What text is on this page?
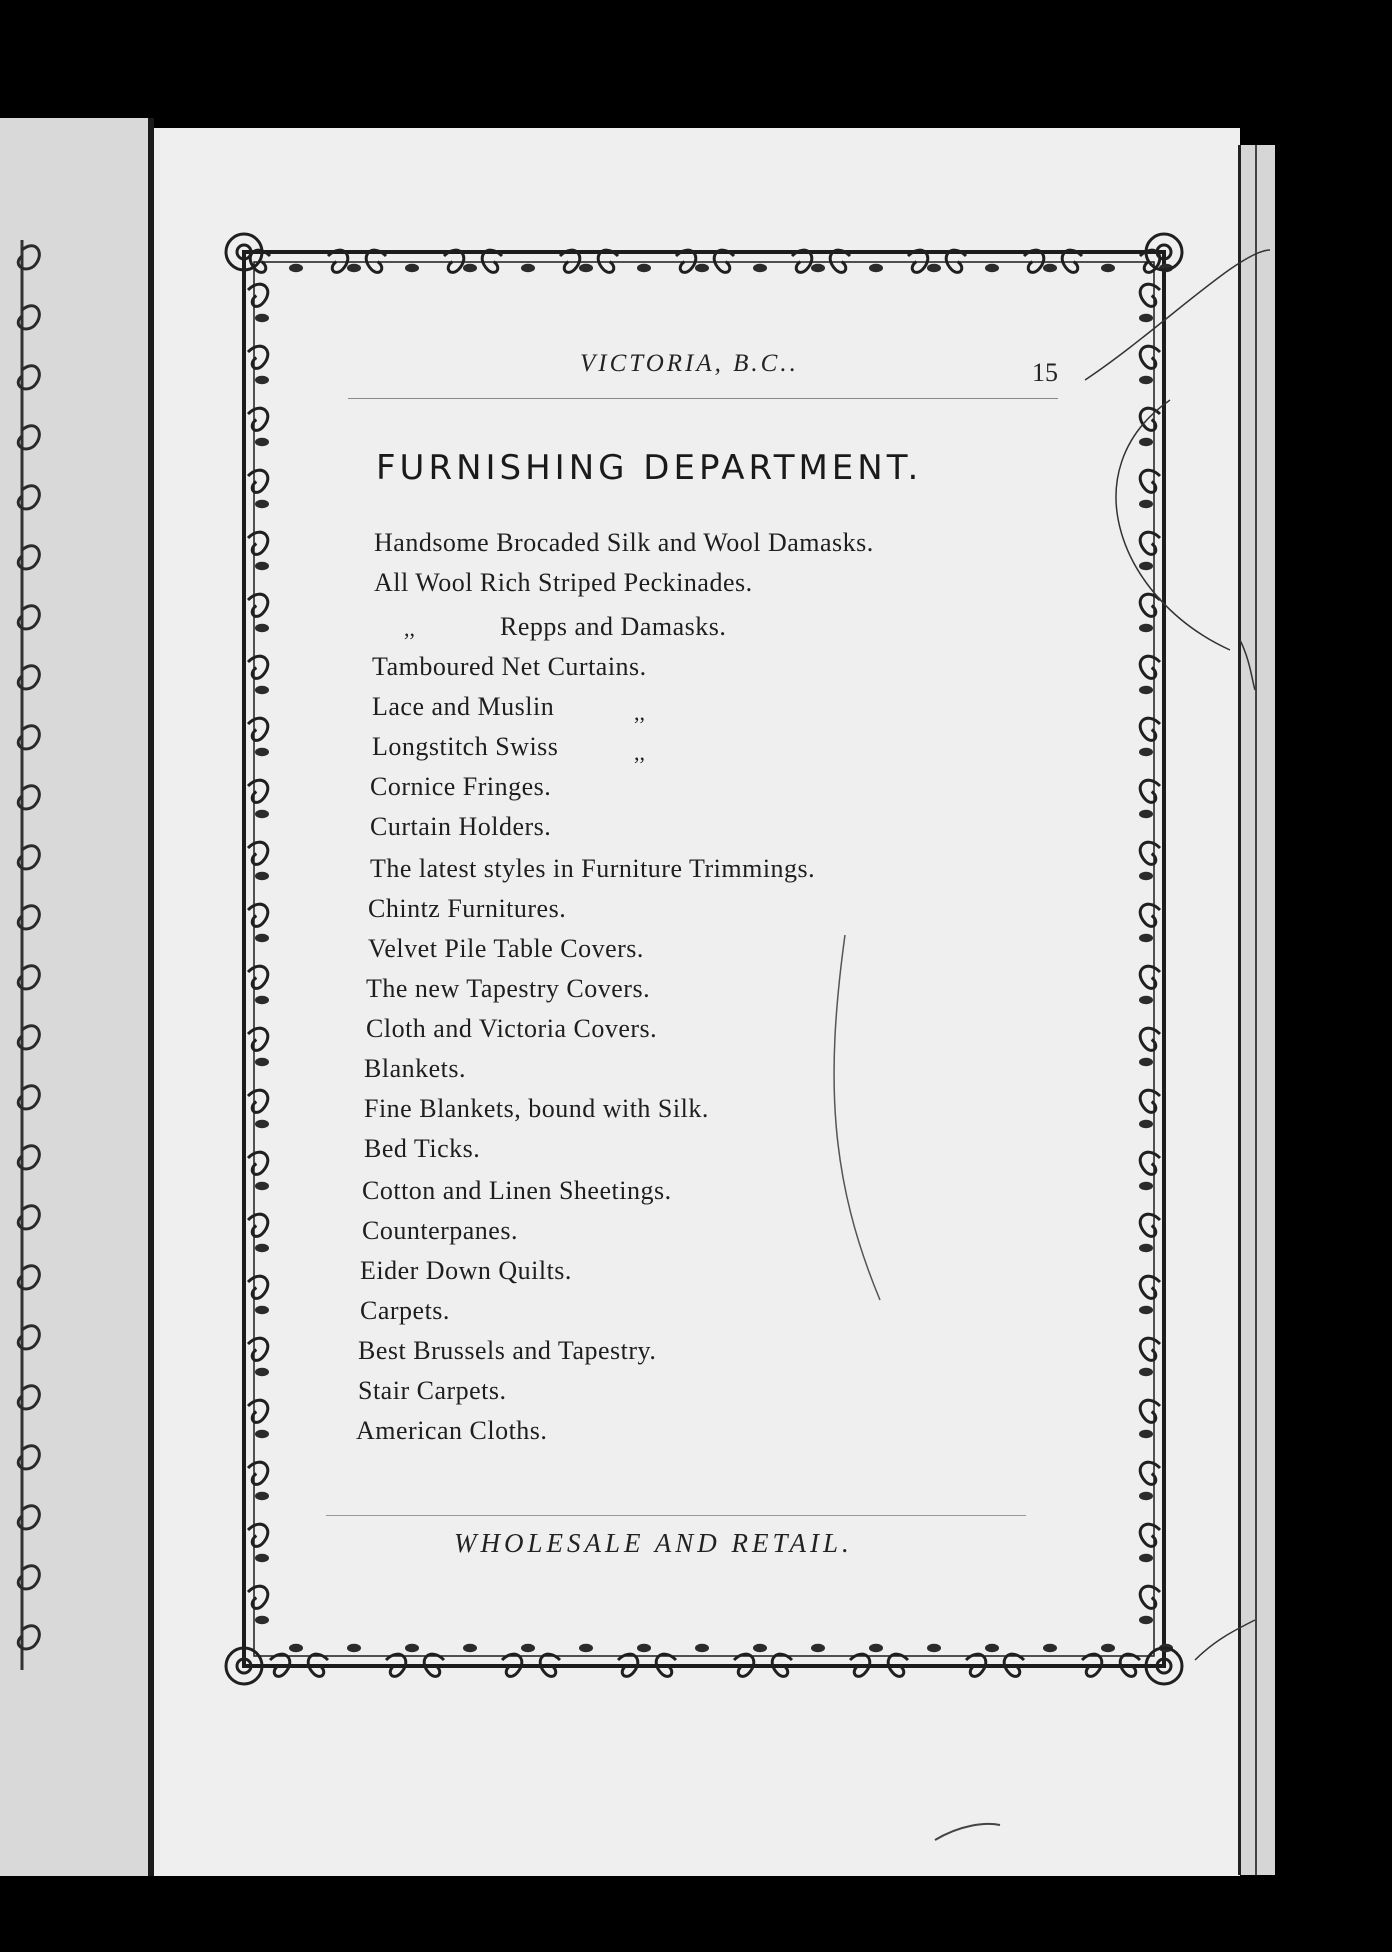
VICTORIA, B.C..	15
FURNISHING DEPARTMENT.
Handsome Brocaded Silk and Wool Damasks.
All Wool Rich Striped Peckinades.
,,	Repps and Damasks.
Tamboured Net Curtains.
Lace and Muslin	,,
Longstitch Swiss	,,
Cornice Fringes.
Curtain Holders.
The latest styles in Furniture Trimmings.
Chintz Furnitures.
Velvet Pile Table Covers.
The new Tapestry Covers.
Cloth and Victoria Covers.
Blankets.
Fine Blankets, bound with Silk.
Bed Ticks.
Cotton and Linen Sheetings.
Counterpanes.
Eider Down Quilts.
Carpets.
Best Brussels and Tapestry.
Stair Carpets.
American Cloths.
WHOLESALE AND RETAIL.
